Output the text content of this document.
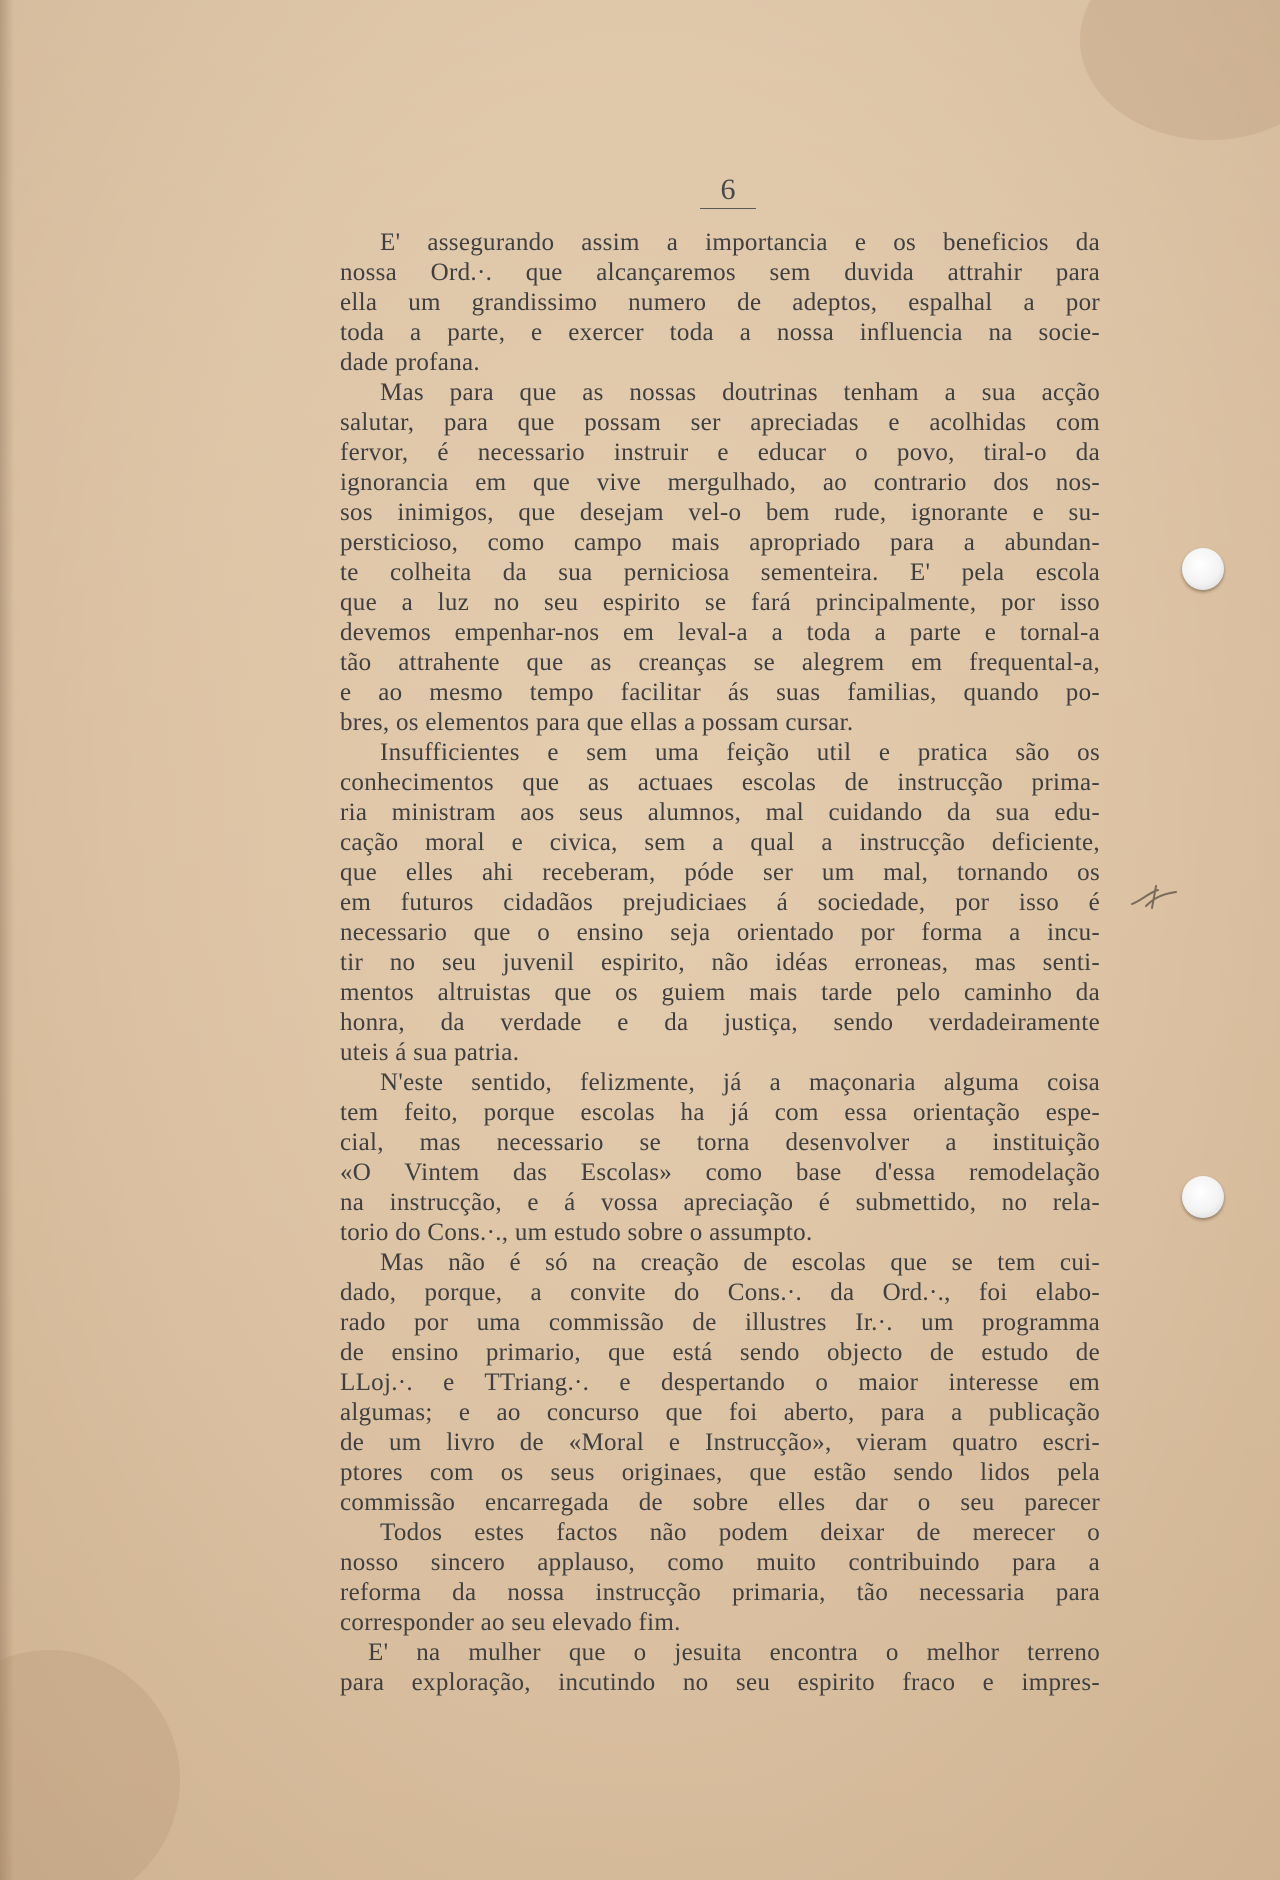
6
E' assegurando assim a importancia e os beneficios da
nossa Ord.·. que alcançaremos sem duvida attrahir para
ella um grandissimo numero de adeptos, espalhal a por
toda a parte, e exercer toda a nossa influencia na socie-
dade profana.
Mas para que as nossas doutrinas tenham a sua acção
salutar, para que possam ser apreciadas e acolhidas com
fervor, é necessario instruir e educar o povo, tiral-o da
ignorancia em que vive mergulhado, ao contrario dos nos-
sos inimigos, que desejam vel-o bem rude, ignorante e su-
persticioso, como campo mais apropriado para a abundan-
te colheita da sua perniciosa sementeira. E' pela escola
que a luz no seu espirito se fará principalmente, por isso
devemos empenhar-nos em leval-a a toda a parte e tornal-a
tão attrahente que as creanças se alegrem em frequental-a,
e ao mesmo tempo facilitar ás suas familias, quando po-
bres, os elementos para que ellas a possam cursar.
Insufficientes e sem uma feição util e pratica são os
conhecimentos que as actuaes escolas de instrucção prima-
ria ministram aos seus alumnos, mal cuidando da sua edu-
cação moral e civica, sem a qual a instrucção deficiente,
que elles ahi receberam, póde ser um mal, tornando os
em futuros cidadãos prejudiciaes á sociedade, por isso é
necessario que o ensino seja orientado por forma a incu-
tir no seu juvenil espirito, não idéas erroneas, mas senti-
mentos altruistas que os guiem mais tarde pelo caminho da
honra, da verdade e da justiça, sendo verdadeiramente
uteis á sua patria.
N'este sentido, felizmente, já a maçonaria alguma coisa
tem feito, porque escolas ha já com essa orientação espe-
cial, mas necessario se torna desenvolver a instituição
«O Vintem das Escolas» como base d'essa remodelação
na instrucção, e á vossa apreciação é submettido, no rela-
torio do Cons.·., um estudo sobre o assumpto.
Mas não é só na creação de escolas que se tem cui-
dado, porque, a convite do Cons.·. da Ord.·., foi elabo-
rado por uma commissão de illustres Ir.·. um programma
de ensino primario, que está sendo objecto de estudo de
LLoj.·. e TTriang.·. e despertando o maior interesse em
algumas; e ao concurso que foi aberto, para a publicação
de um livro de «Moral e Instrucção», vieram quatro escri-
ptores com os seus originaes, que estão sendo lidos pela
commissão encarregada de sobre elles dar o seu parecer
Todos estes factos não podem deixar de merecer o
nosso sincero applauso, como muito contribuindo para a
reforma da nossa instrucção primaria, tão necessaria para
corresponder ao seu elevado fim.
E' na mulher que o jesuita encontra o melhor terreno
para exploração, incutindo no seu espirito fraco e impres-
